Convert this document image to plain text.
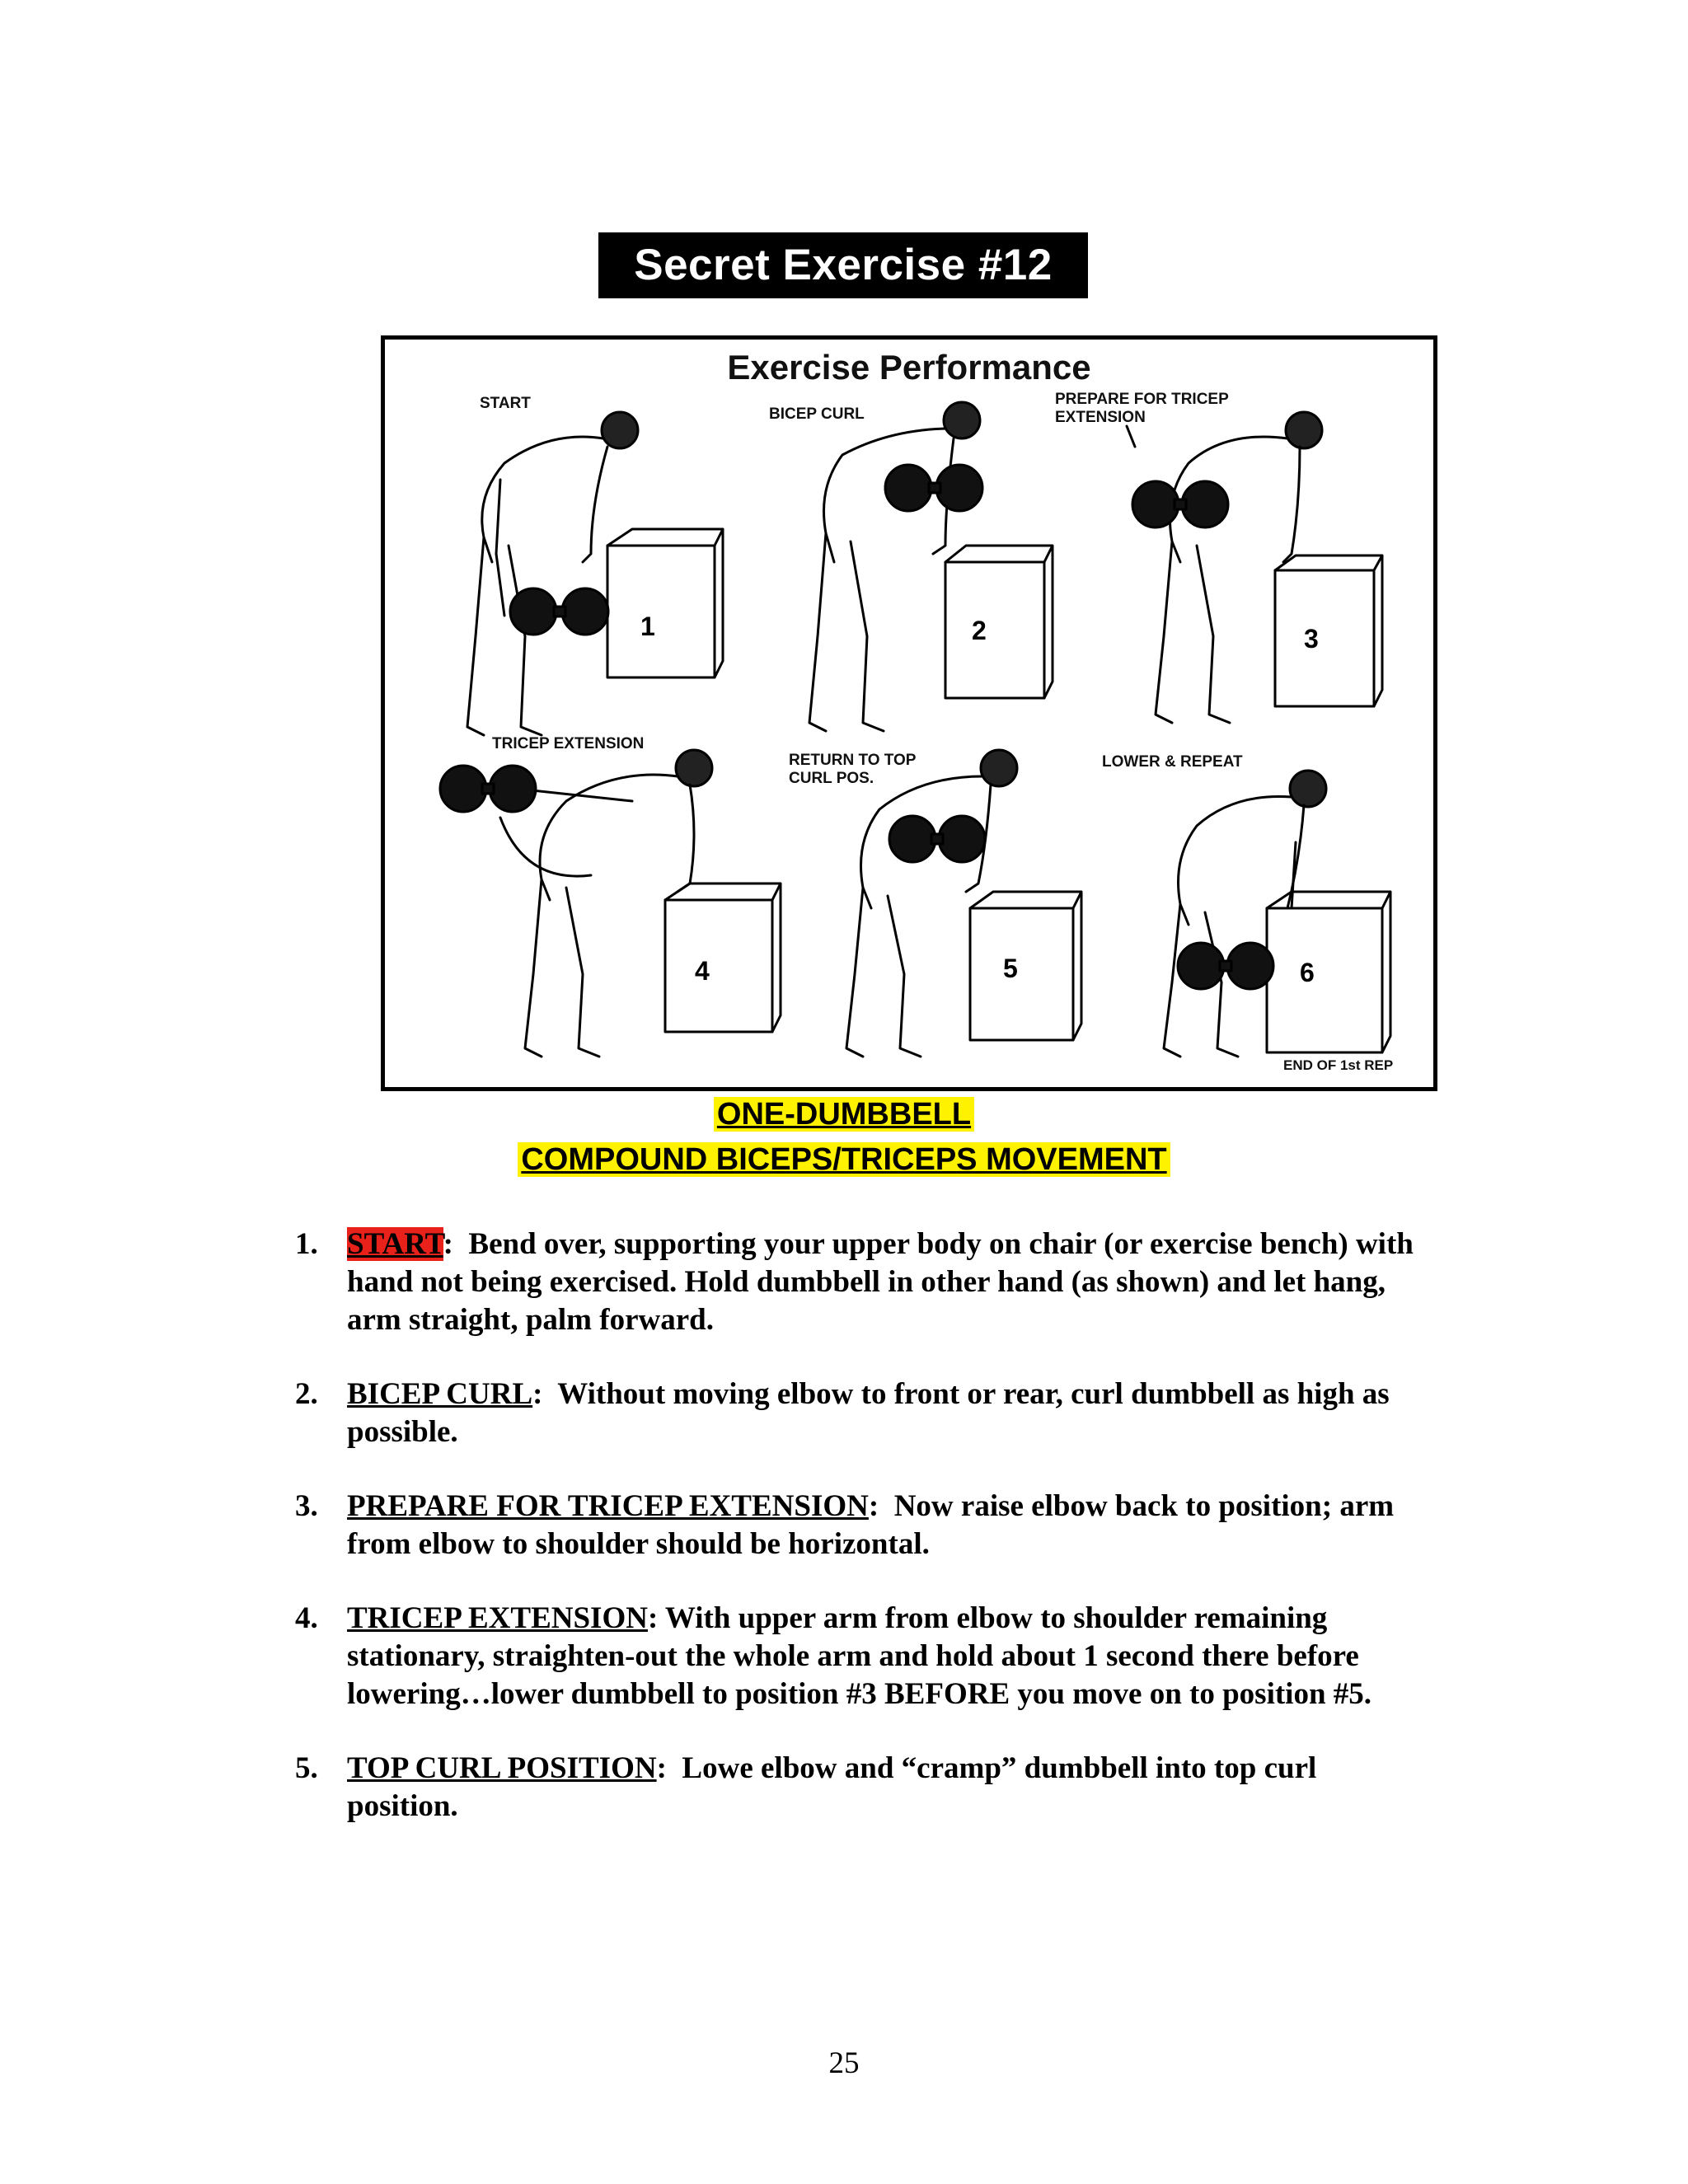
Secret Exercise #12
Exercise Performance
START
BICEP CURL
PREPARE FOR TRICEP
EXTENSION
TRICEP EXTENSION
RETURN TO TOP
CURL POS.
LOWER & REPEAT
1	2	3
4	5	6
END OF 1st REP
ONE-DUMBBELL
COMPOUND BICEPS/TRICEPS MOVEMENT
1. START:  Bend over, supporting your upper body on chair (or exercise bench) with hand not being exercised. Hold dumbbell in other hand (as shown) and let hang, arm straight, palm forward.
2. BICEP CURL:  Without moving elbow to front or rear, curl dumbbell as high as possible.
3. PREPARE FOR TRICEP EXTENSION:  Now raise elbow back to position; arm from elbow to shoulder should be horizontal.
4. TRICEP EXTENSION: With upper arm from elbow to shoulder remaining stationary, straighten-out the whole arm and hold about 1 second there before lowering…lower dumbbell to position #3 BEFORE you move on to position #5.
5. TOP CURL POSITION:  Lowe elbow and “cramp” dumbbell into top curl position.
25
